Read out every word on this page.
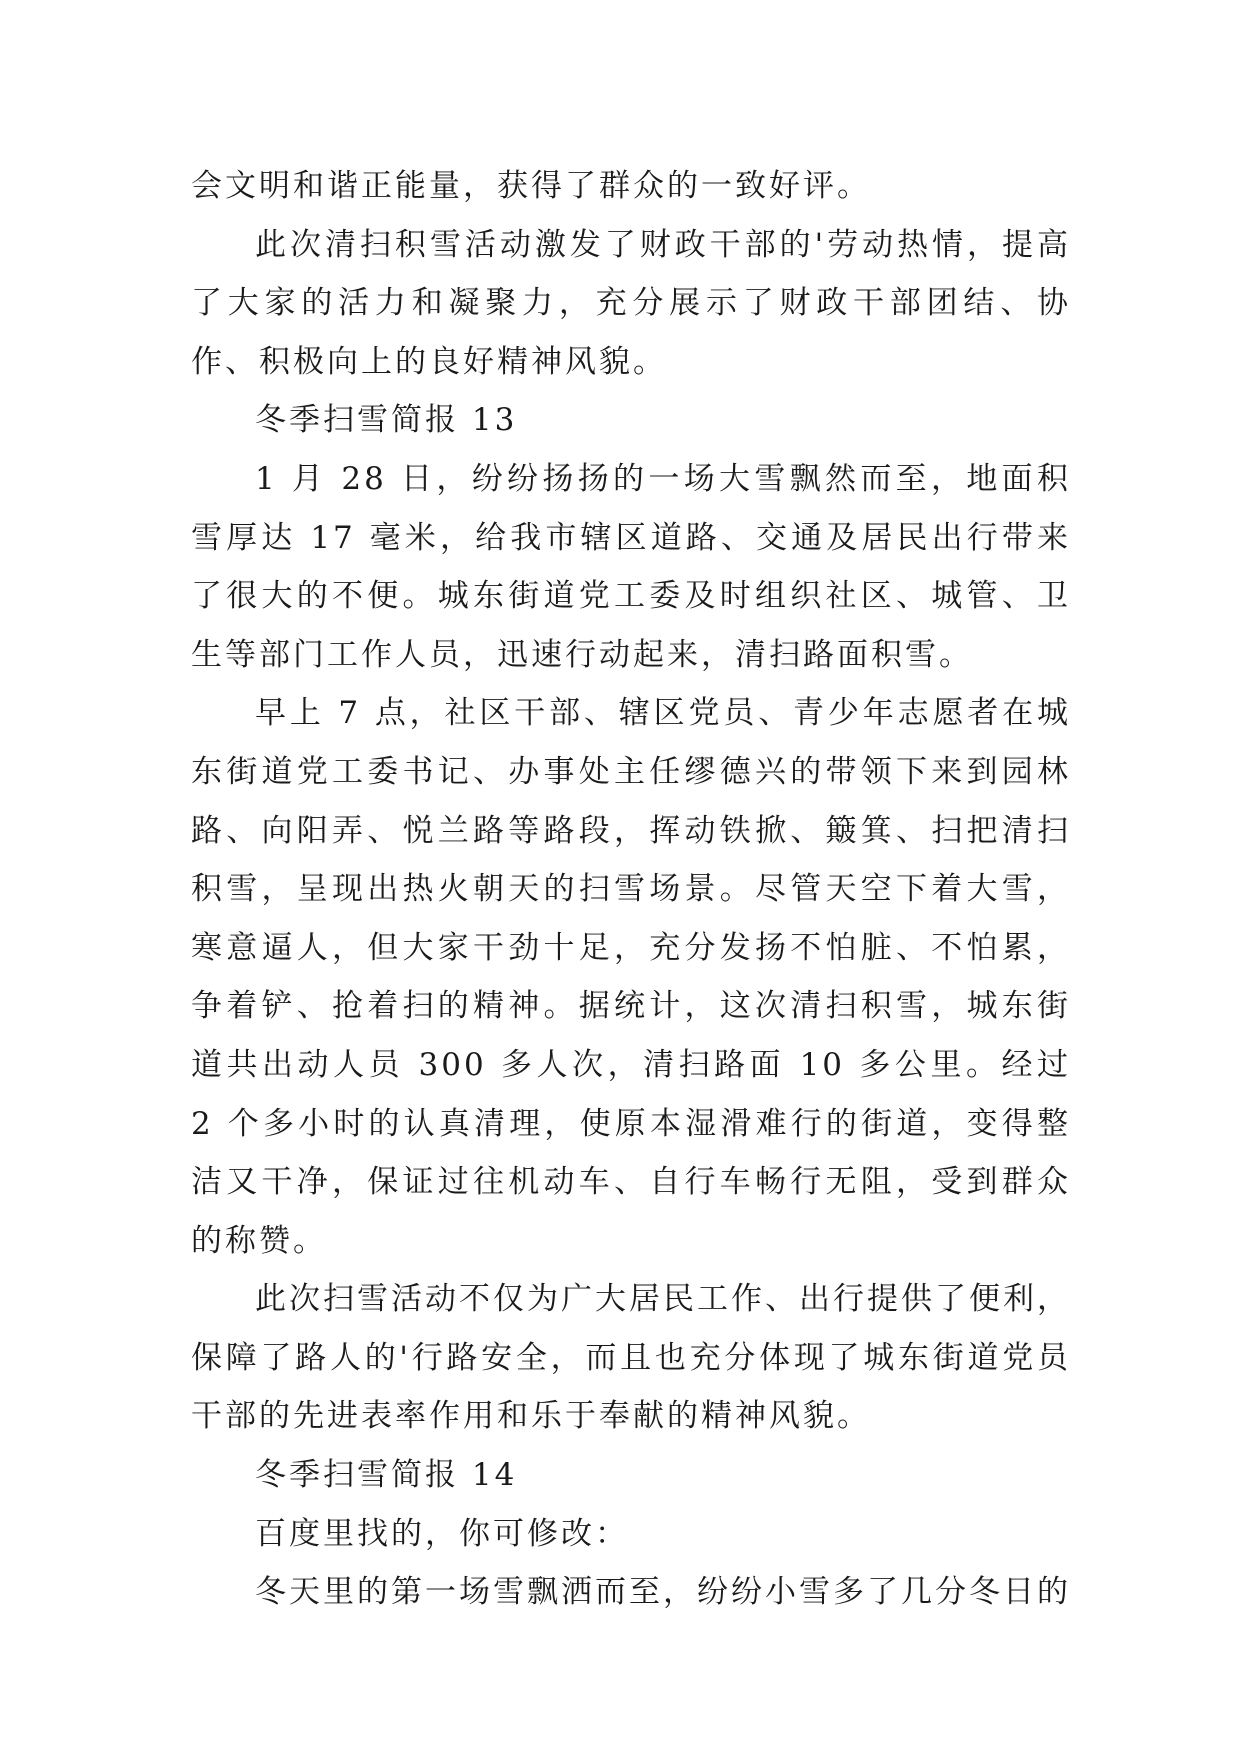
会文明和谐正能量，获得了群众的一致好评。

此次清扫积雪活动激发了财政干部的'劳动热情，提高了大家的活力和凝聚力，充分展示了财政干部团结、协作、积极向上的良好精神风貌。

冬季扫雪简报 13

1 月 28 日，纷纷扬扬的一场大雪飘然而至，地面积雪厚达 17 毫米，给我市辖区道路、交通及居民出行带来了很大的不便。城东街道党工委及时组织社区、城管、卫生等部门工作人员，迅速行动起来，清扫路面积雪。

早上 7 点，社区干部、辖区党员、青少年志愿者在城东街道党工委书记、办事处主任缪德兴的带领下来到园林路、向阳弄、悦兰路等路段，挥动铁掀、簸箕、扫把清扫积雪，呈现出热火朝天的扫雪场景。尽管天空下着大雪，寒意逼人，但大家干劲十足，充分发扬不怕脏、不怕累，争着铲、抢着扫的精神。据统计，这次清扫积雪，城东街道共出动人员 300 多人次，清扫路面 10 多公里。经过 2 个多小时的认真清理，使原本湿滑难行的街道，变得整洁又干净，保证过往机动车、自行车畅行无阻，受到群众的称赞。

此次扫雪活动不仅为广大居民工作、出行提供了便利，保障了路人的'行路安全，而且也充分体现了城东街道党员干部的先进表率作用和乐于奉献的精神风貌。

冬季扫雪简报 14

百度里找的，你可修改：

冬天里的第一场雪飘洒而至，纷纷小雪多了几分冬日的
